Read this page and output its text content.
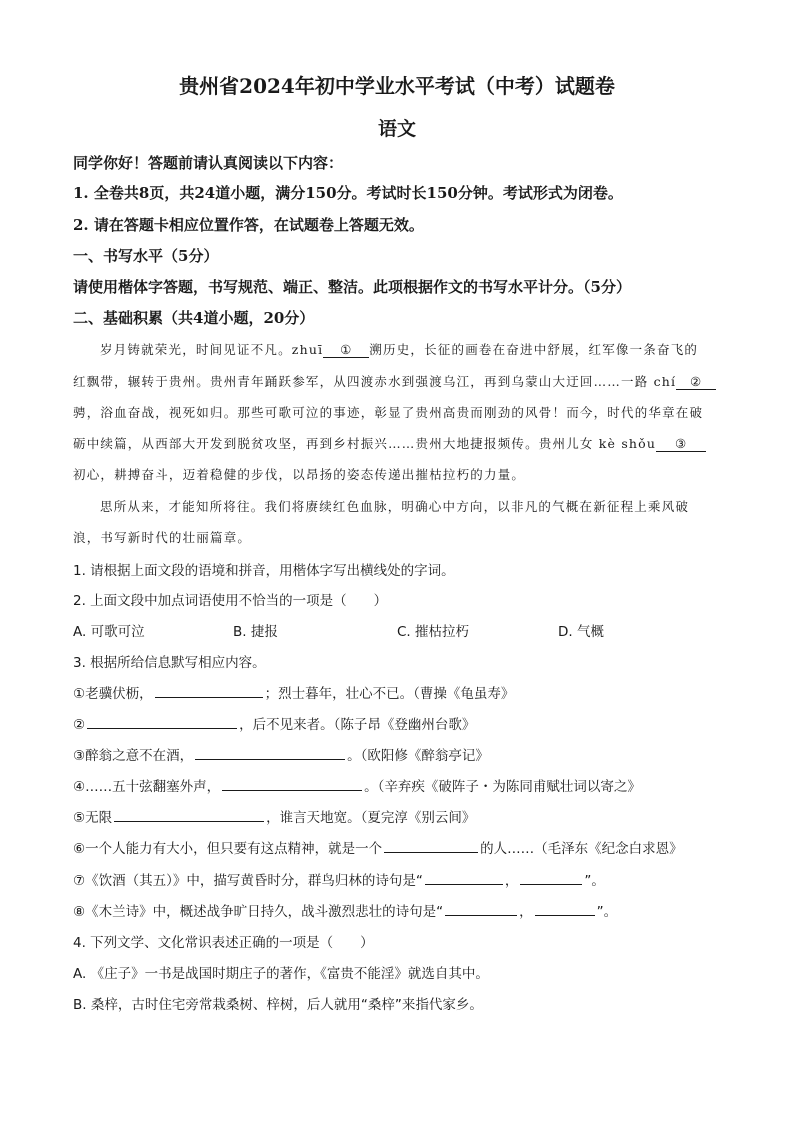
贵州省2024年初中学业水平考试（中考）试题卷
语文
同学你好！答题前请认真阅读以下内容：
1. 全卷共8页，共24道小题，满分150分。考试时长150分钟。考试形式为闭卷。
2. 请在答题卡相应位置作答，在试题卷上答题无效。
一、书写水平（5分）
请使用楷体字答题，书写规范、端正、整洁。此项根据作文的书写水平计分。（5分）
二、基础积累（共4道小题，20分）
岁月铸就荣光，时间见证不凡。zhuī ① 溯历史，长征的画卷在奋进中舒展，红军像一条奋飞的
红飘带，辗转于贵州。贵州青年踊跃参军，从四渡赤水到强渡乌江，再到乌蒙山大迂回……一路 chí ②
骋，浴血奋战，视死如归。那些可歌可泣的事迹，彰显了贵州高贵而刚劲的风骨！而今，时代的华章在破
砺中续篇，从西部大开发到脱贫攻坚，再到乡村振兴……贵州大地捷报频传。贵州儿女 kè shǒu ③
初心，耕搏奋斗，迈着稳健的步伐，以昂扬的姿态传递出摧枯拉朽的力量。
思所从来，才能知所将往。我们将赓续红色血脉，明确心中方向，以非凡的气概在新征程上乘风破
浪，书写新时代的壮丽篇章。
1. 请根据上面文段的语境和拼音，用楷体字写出横线处的字词。
2. 上面文段中加点词语使用不恰当的一项是（　　）
A. 可歌可泣	B. 捷报	C. 摧枯拉朽	D. 气概
3. 根据所给信息默写相应内容。
①老骥伏枥，	；烈士暮年，壮心不已。（曹操《龟虽寿》
②	，后不见来者。（陈子昂《登幽州台歌》
③醉翁之意不在酒，	。（欧阳修《醉翁亭记》
④……五十弦翻塞外声，	。（辛弃疾《破阵子・为陈同甫赋壮词以寄之》
⑤无限	，谁言天地宽。（夏完淳《别云间》
⑥一个人能力有大小，但只要有这点精神，就是一个	的人……（毛泽东《纪念白求恩》
⑦《饮酒（其五）》中，描写黄昏时分，群鸟归林的诗句是“	，	”。
⑧《木兰诗》中，概述战争旷日持久，战斗激烈悲壮的诗句是“	，	”。
4. 下列文学、文化常识表述正确的一项是（　　）
A. 《庄子》一书是战国时期庄子的著作，《富贵不能淫》就选自其中。
B. 桑梓，古时住宅旁常栽桑树、梓树，后人就用“桑梓”来指代家乡。
